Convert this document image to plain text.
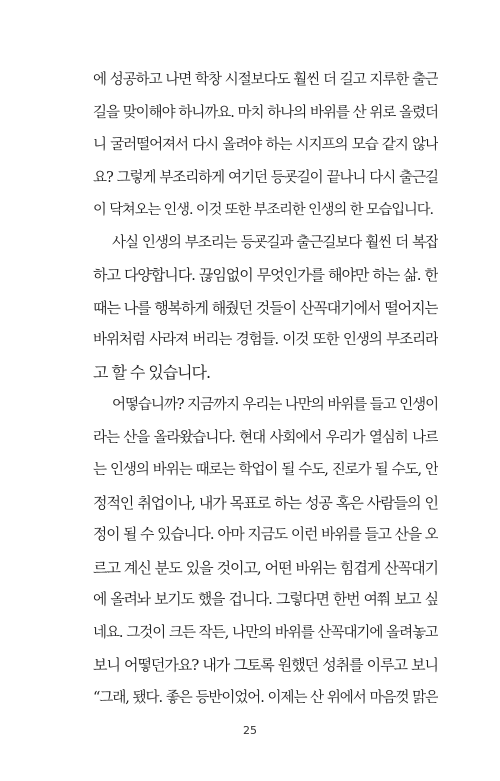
에 성공하고 나면 학창 시절보다도 훨씬 더 길고 지루한 출근
길을 맞이해야 하니까요. 마치 하나의 바위를 산 위로 올렸더
니 굴러떨어져서 다시 올려야 하는 시지프의 모습 같지 않나
요? 그렇게 부조리하게 여기던 등굣길이 끝나니 다시 출근길
이 닥쳐오는 인생. 이것 또한 부조리한 인생의 한 모습입니다.
사실 인생의 부조리는 등굣길과 출근길보다 훨씬 더 복잡
하고 다양합니다. 끊임없이 무엇인가를 해야만 하는 삶. 한
때는 나를 행복하게 해줬던 것들이 산꼭대기에서 떨어지는
바위처럼 사라져 버리는 경험들. 이것 또한 인생의 부조리라
고 할 수 있습니다.
어떻습니까? 지금까지 우리는 나만의 바위를 들고 인생이
라는 산을 올라왔습니다. 현대 사회에서 우리가 열심히 나르
는 인생의 바위는 때로는 학업이 될 수도, 진로가 될 수도, 안
정적인 취업이나, 내가 목표로 하는 성공 혹은 사람들의 인
정이 될 수 있습니다. 아마 지금도 이런 바위를 들고 산을 오
르고 계신 분도 있을 것이고, 어떤 바위는 힘겹게 산꼭대기
에 올려놔 보기도 했을 겁니다. 그렇다면 한번 여쭤 보고 싶
네요. 그것이 크든 작든, 나만의 바위를 산꼭대기에 올려놓고
보니 어떻던가요? 내가 그토록 원했던 성취를 이루고 보니
“그래, 됐다. 좋은 등반이었어. 이제는 산 위에서 마음껏 맑은
25
